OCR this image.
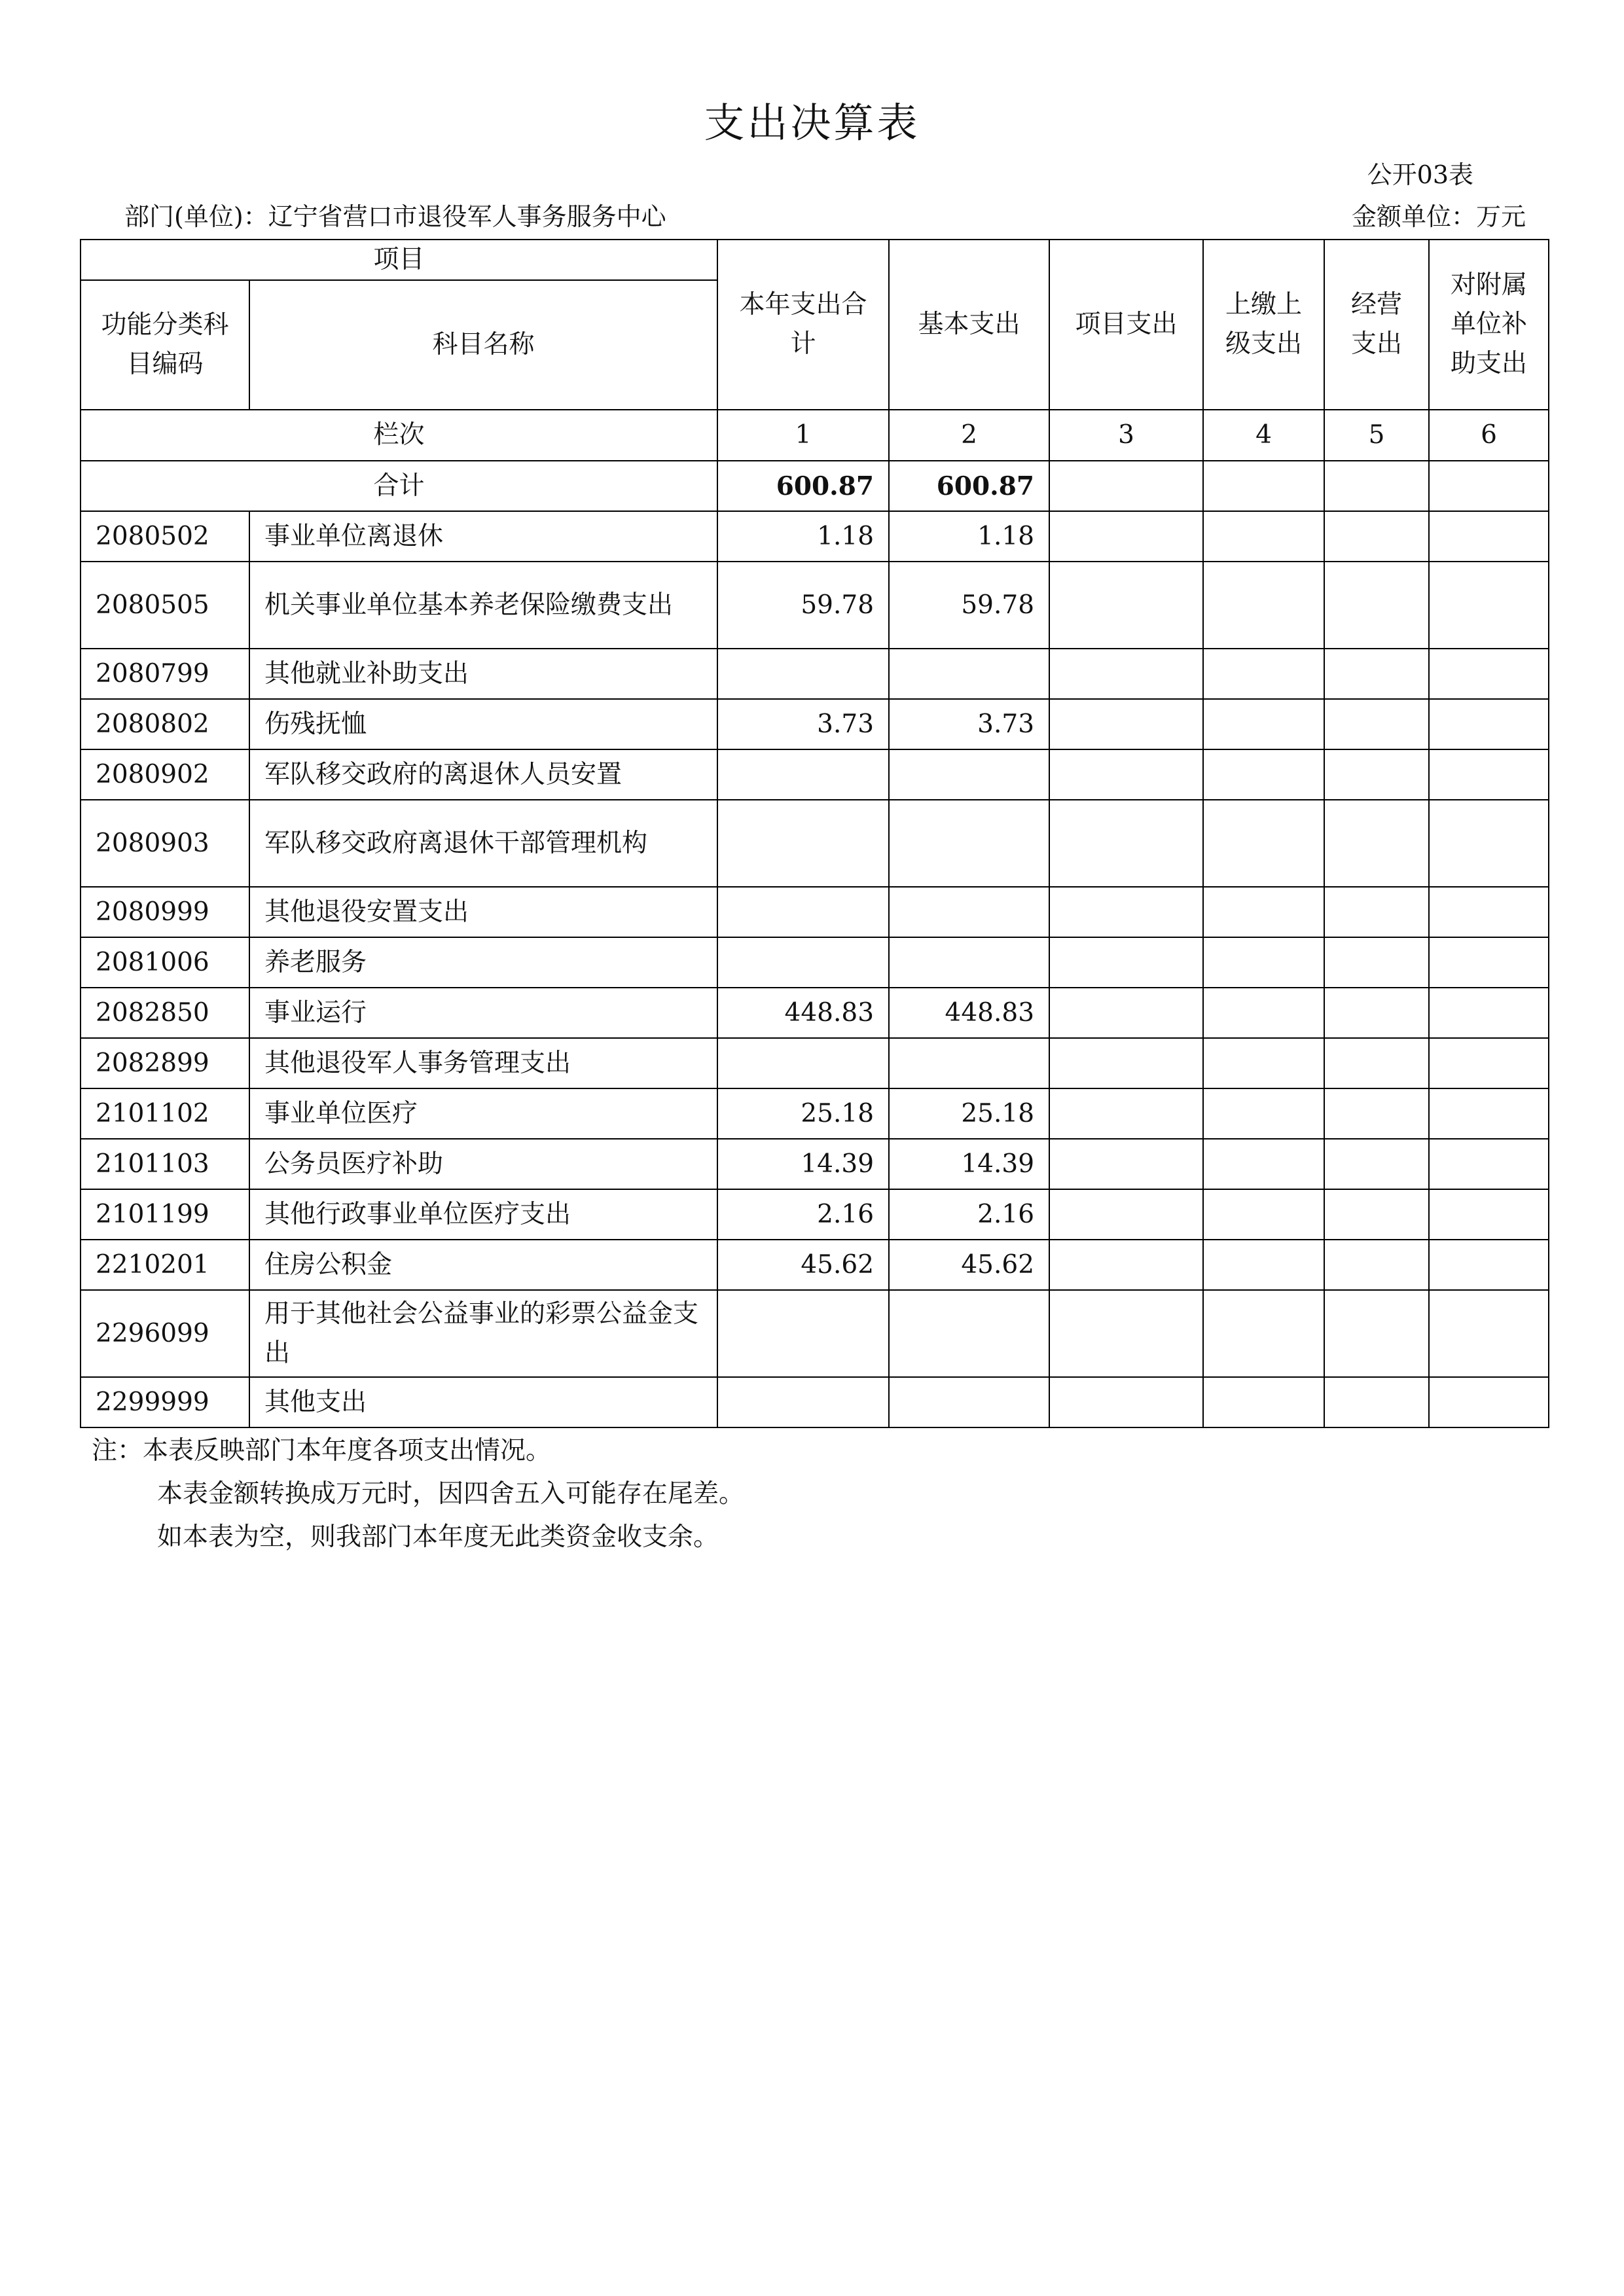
支出决算表
公开03表
部门(单位)：辽宁省营口市退役军人事务服务中心	金额单位：万元
项目		本年支出合计	基本支出	项目支出	上缴上级支出	经营支出	对附属单位补助支出
功能分类科目编码	科目名称						
栏次		1	2	3	4	5	6
合计		600.87	600.87				
2080502	事业单位离退休	1.18	1.18				
2080505	机关事业单位基本养老保险缴费支出	59.78	59.78				
2080799	其他就业补助支出						
2080802	伤残抚恤	3.73	3.73				
2080902	军队移交政府的离退休人员安置						
2080903	军队移交政府离退休干部管理机构						
2080999	其他退役安置支出						
2081006	养老服务						
2082850	事业运行	448.83	448.83				
2082899	其他退役军人事务管理支出						
2101102	事业单位医疗	25.18	25.18				
2101103	公务员医疗补助	14.39	14.39				
2101199	其他行政事业单位医疗支出	2.16	2.16				
2210201	住房公积金	45.62	45.62				
2296099	用于其他社会公益事业的彩票公益金支出						
2299999	其他支出						
注：本表反映部门本年度各项支出情况。
本表金额转换成万元时，因四舍五入可能存在尾差。
如本表为空，则我部门本年度无此类资金收支余。
